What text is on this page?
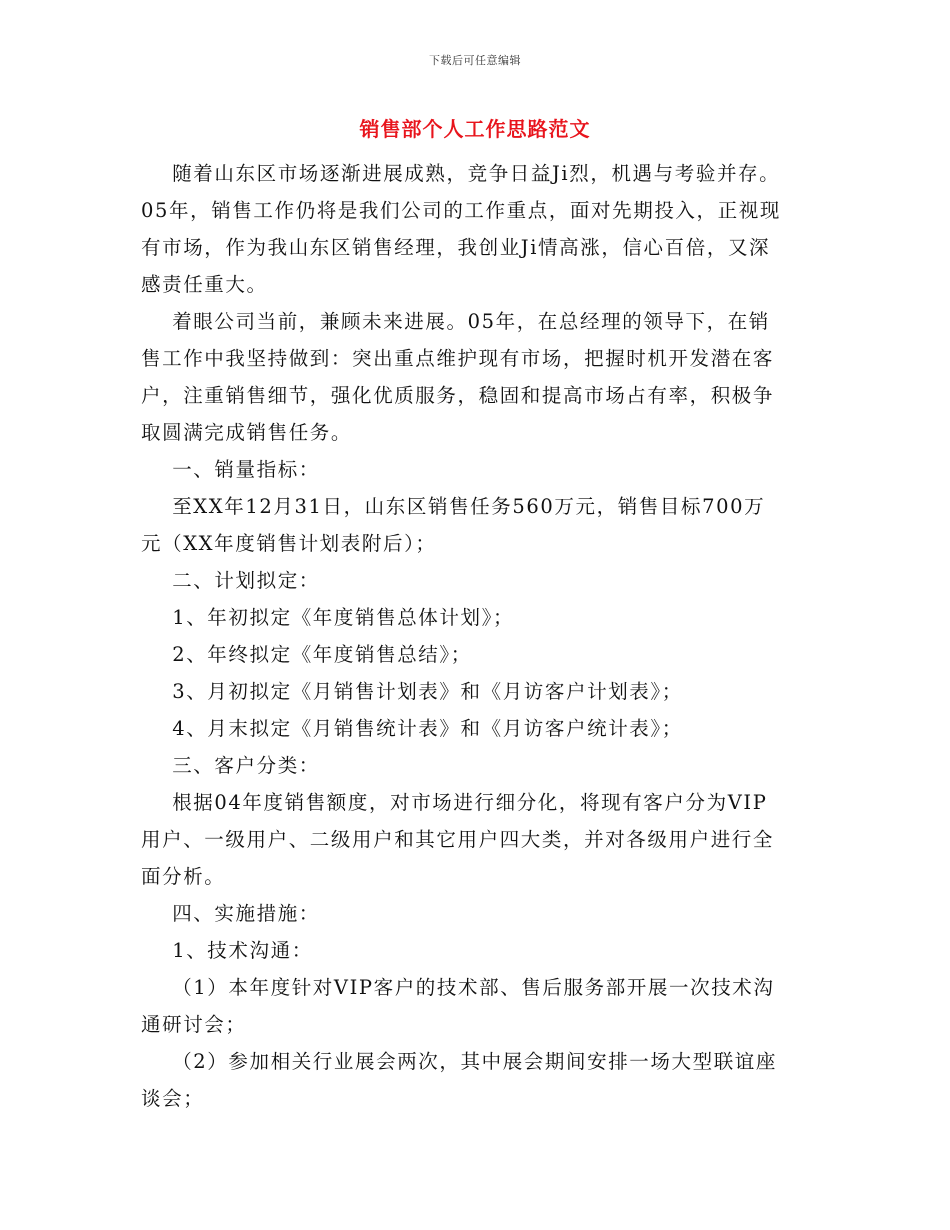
下载后可任意编辑
销售部个人工作思路范文

随着山东区市场逐渐进展成熟，竞争日益Ji烈，机遇与考验并存。

05年，销售工作仍将是我们公司的工作重点，面对先期投入，正视现

有市场，作为我山东区销售经理，我创业Ji情高涨，信心百倍，又深

感责任重大。

着眼公司当前，兼顾未来进展。05年，在总经理的领导下，在销

售工作中我坚持做到：突出重点维护现有市场，把握时机开发潜在客

户，注重销售细节，强化优质服务，稳固和提高市场占有率，积极争

取圆满完成销售任务。

一、销量指标：

至XX年12月31日，山东区销售任务560万元，销售目标700万

元（XX年度销售计划表附后）；

二、计划拟定：

1、年初拟定《年度销售总体计划》；

2、年终拟定《年度销售总结》；

3、月初拟定《月销售计划表》和《月访客户计划表》；

4、月末拟定《月销售统计表》和《月访客户统计表》；

三、客户分类：

根据04年度销售额度，对市场进行细分化，将现有客户分为VIP

用户、一级用户、二级用户和其它用户四大类，并对各级用户进行全

面分析。

四、实施措施：

1、技术沟通：

（1）本年度针对VIP客户的技术部、售后服务部开展一次技术沟

通研讨会；

（2）参加相关行业展会两次，其中展会期间安排一场大型联谊座

谈会；
